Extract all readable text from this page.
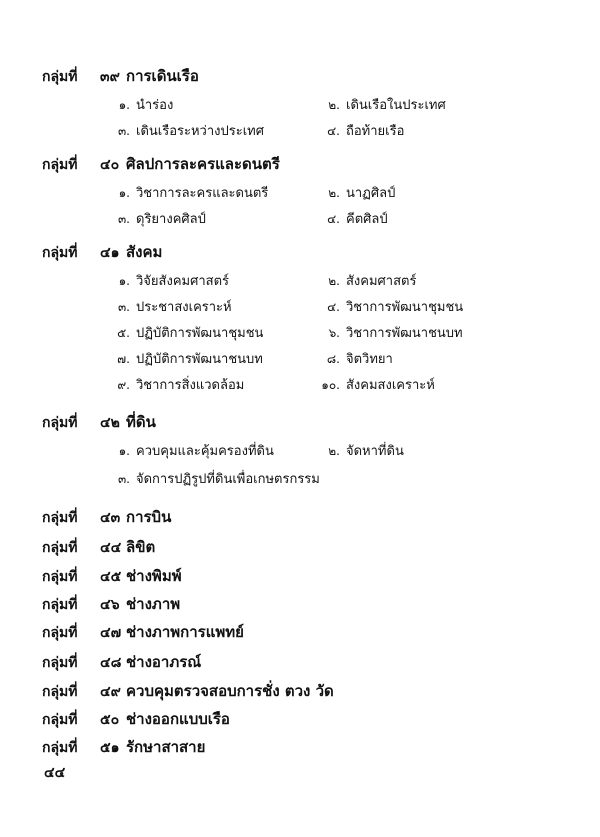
กลุ่มที่	๓๙ การเดินเรือ
๑. นำร่อง	๒. เดินเรือในประเทศ
๓. เดินเรือระหว่างประเทศ	๔. ถือท้ายเรือ
กลุ่มที่	๔๐ ศิลปการละครและดนตรี
๑. วิชาการละครและดนตรี	๒. นาฏศิลป์
๓. ดุริยางคศิลป์	๔. คีตศิลป์
กลุ่มที่	๔๑ สังคม
๑. วิจัยสังคมศาสตร์	๒. สังคมศาสตร์
๓. ประชาสงเคราะห์	๔. วิชาการพัฒนาชุมชน
๕. ปฏิบัติการพัฒนาชุมชน	๖. วิชาการพัฒนาชนบท
๗. ปฏิบัติการพัฒนาชนบท	๘. จิตวิทยา
๙. วิชาการสิ่งแวดล้อม	๑๐. สังคมสงเคราะห์
กลุ่มที่	๔๒ ที่ดิน
๑. ควบคุมและคุ้มครองที่ดิน	๒. จัดหาที่ดิน
๓. จัดการปฏิรูปที่ดินเพื่อเกษตรกรรม
กลุ่มที่	๔๓ การบิน
กลุ่มที่	๔๔ ลิขิต
กลุ่มที่	๔๕ ช่างพิมพ์
กลุ่มที่	๔๖ ช่างภาพ
กลุ่มที่	๔๗ ช่างภาพการแพทย์
กลุ่มที่	๔๘ ช่างอาภรณ์
กลุ่มที่	๔๙ ควบคุมตรวจสอบการชั่ง ตวง วัด
กลุ่มที่	๕๐ ช่างออกแบบเรือ
กลุ่มที่	๕๑ รักษาสาสาย
๔๔
